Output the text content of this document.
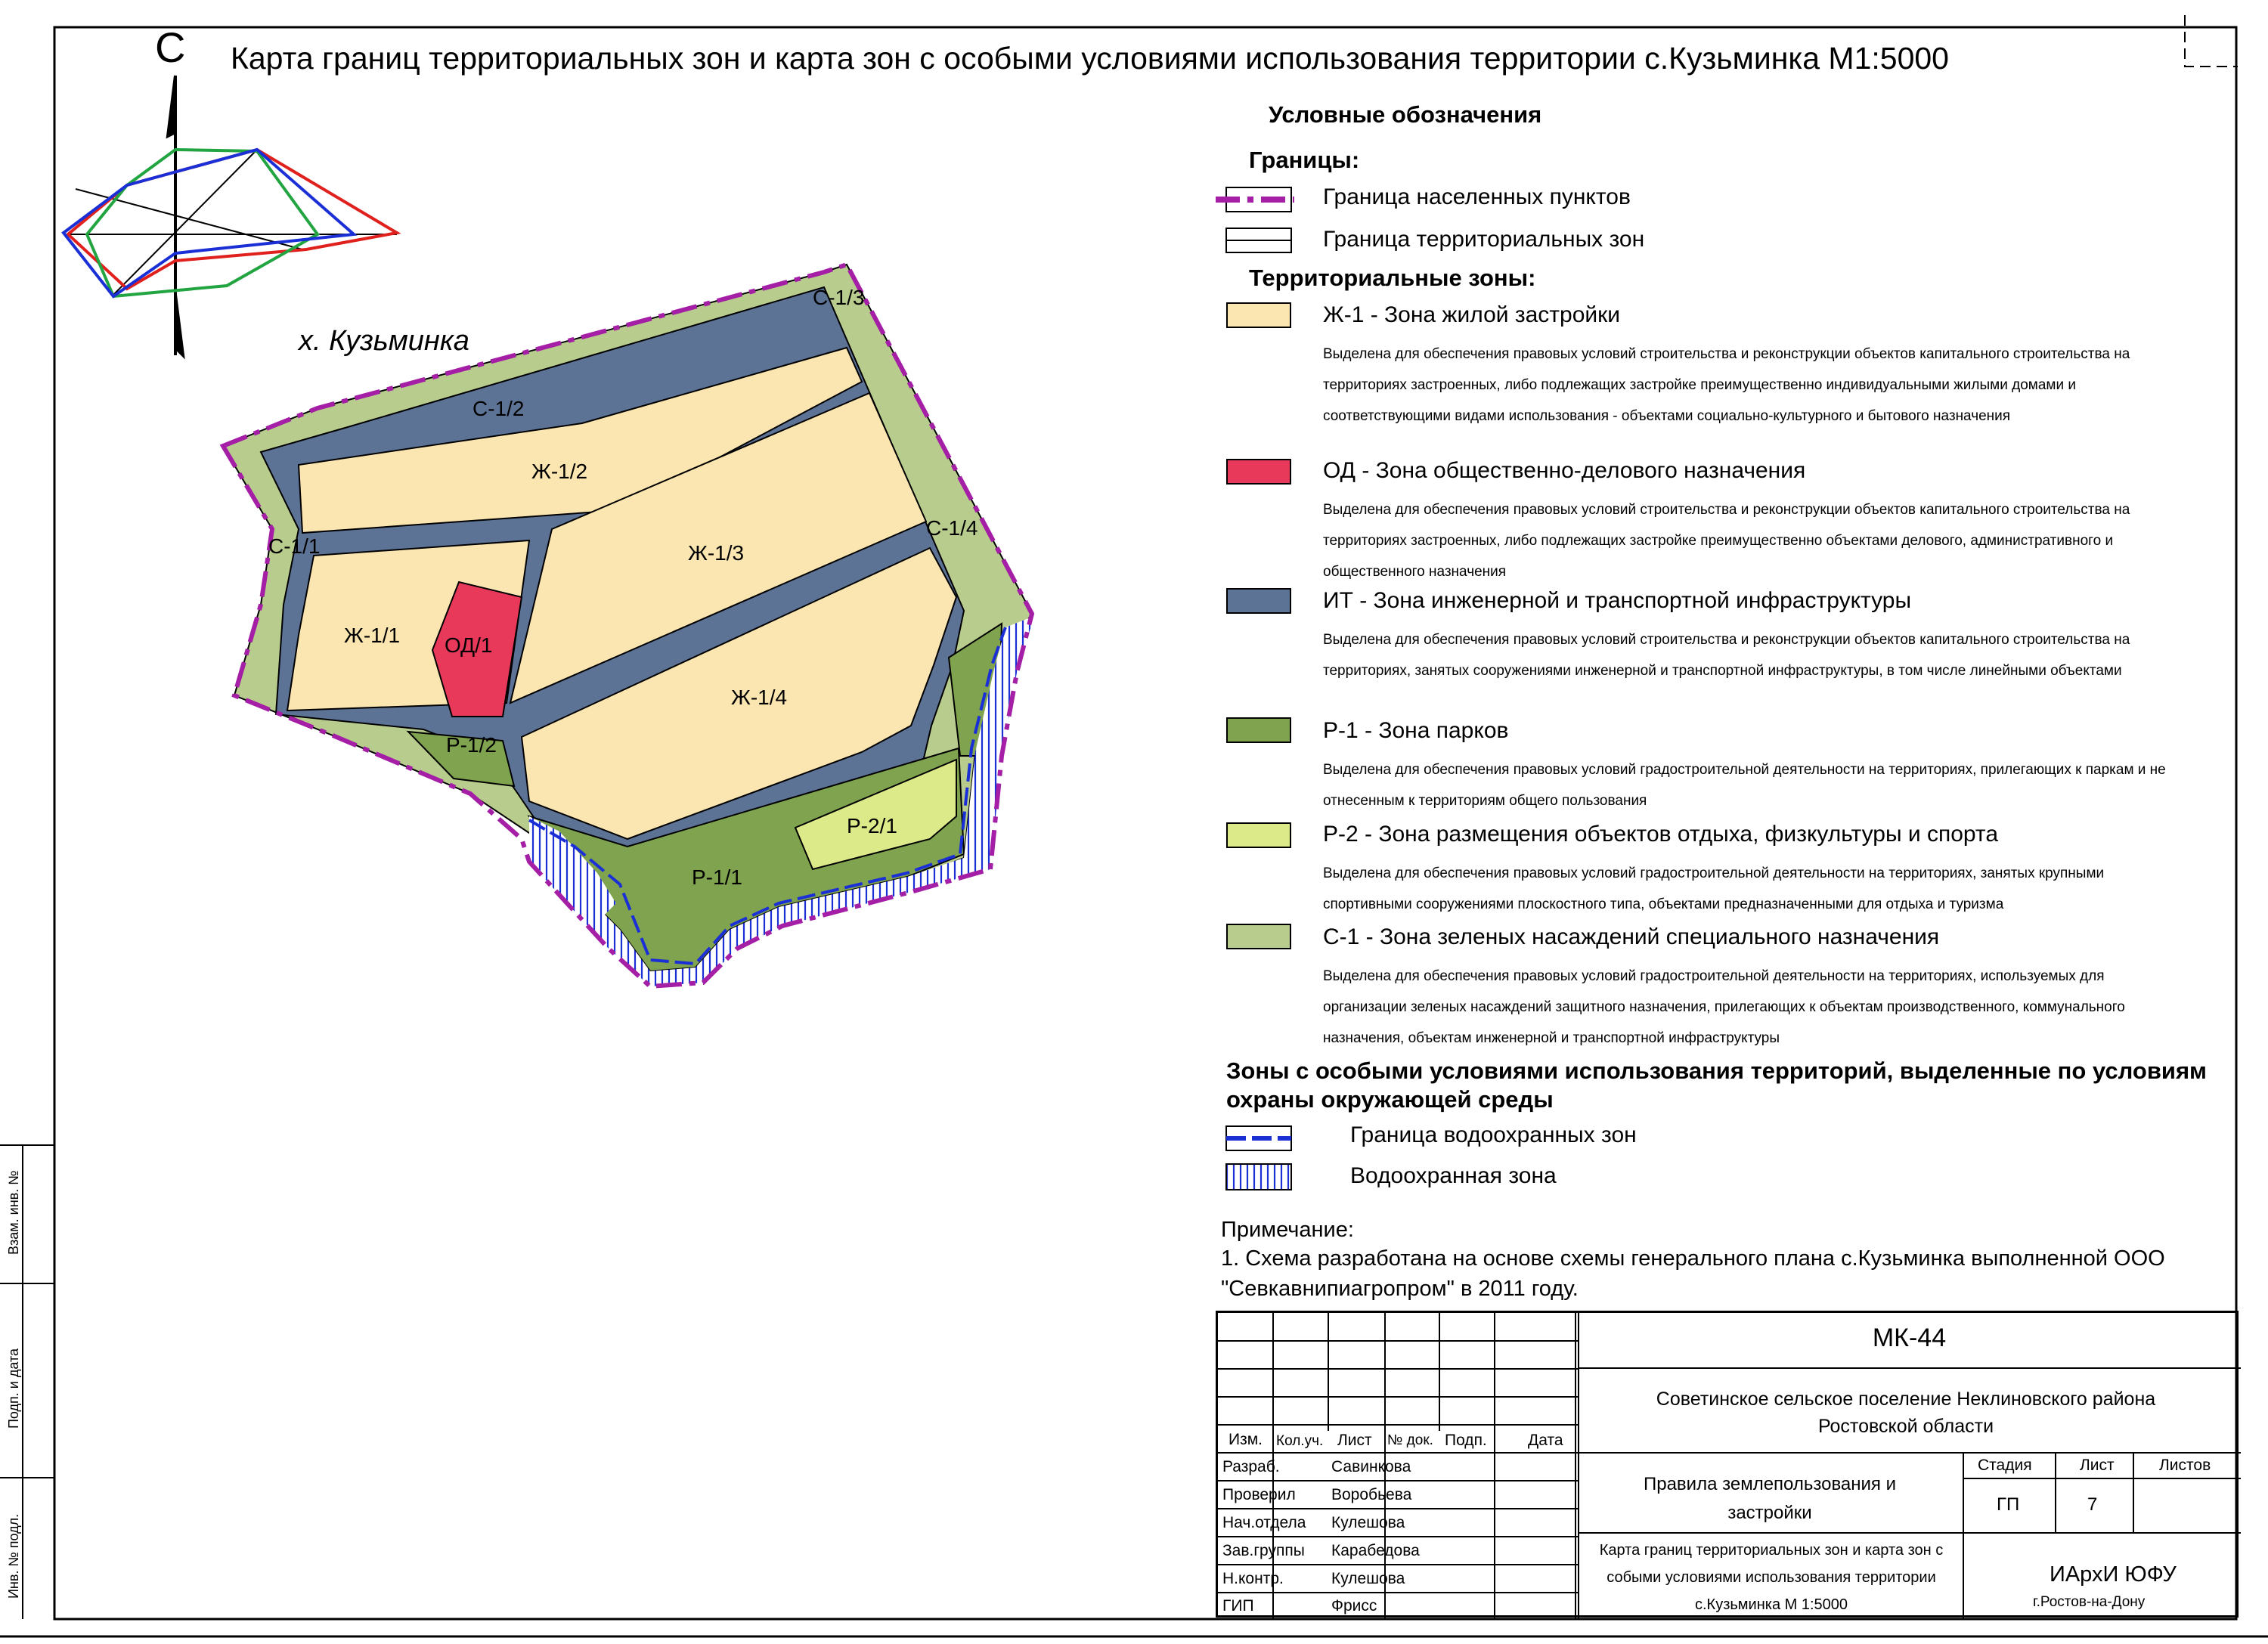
С Карта границ территориальных зон и карта зон с особыми условиями использования территории с.Кузьминка М1:5000
х. Кузьминка
С-1/3
С-1/2
Ж-1/2
С-1/1	Ж-1/3
С-1/4
Ж-1/1 ОД/1
Ж-1/4
Р-1/2
Р-2/1
Р-1/1
Условные обозначения
Границы:
Граница населенных пунктов
Граница территориальных зон
Территориальные зоны:
Ж-1 - Зона жилой застройки
Выделена для обеспечения правовых условий строительства и реконструкции объектов капитального строительства на территориях застроенных, либо подлежащих застройке преимущественно индивидуальными жилыми домами и соответствующими видами использования - объектами социально-культурного и бытового назначения
ОД - Зона общественно-делового назначения
Выделена для обеспечения правовых условий строительства и реконструкции объектов капитального строительства на территориях застроенных, либо подлежащих застройке преимущественно объектами делового, административного и общественного назначения
ИТ - Зона инженерной и транспортной инфраструктуры
Выделена для обеспечения правовых условий строительства и реконструкции объектов капитального строительства на территориях, занятых сооружениями инженерной и транспортной инфраструктуры, в том числе линейными объектами
Р-1 - Зона парков
Выделена для обеспечения правовых условий градостроительной деятельности на территориях, прилегающих к паркам и не отнесенным к территориям общего пользования
Р-2 - Зона размещения объектов отдыха, физкультуры и спорта
Выделена для обеспечения правовых условий градостроительной деятельности на территориях, занятых крупными спортивными сооружениями плоскостного типа, объектами предназначенными для отдыха и туризма
С-1 - Зона зеленых насаждений специального назначения
Выделена для обеспечения правовых условий градостроительной деятельности на территориях, используемых для организации зеленых насаждений защитного назначения, прилегающих к объектам производственного, коммунального назначения, объектам инженерной и транспортной инфраструктуры
Зоны с особыми условиями использования территорий, выделенные по условиям охраны окружающей среды
Граница водоохранных зон
Водоохранная зона
Примечание:
1. Схема разработана на основе схемы генерального плана с.Кузьминка выполненной ООО "Севкавнипиагропром" в 2011 году.
Изм. Кол.уч. Лист № док. Подп.	Дата
Разраб.	Савинкова
Проверил Воробьева
Нач.отдела Кулешова
Зав.группы Карабедова
Н.контр.	Кулешова
ГИП	Фрисс
МК-44
Советинское сельское поселение Неклиновского района Ростовской области
Правила землепользования и застройки
Карта границ территориальных зон и карта зон с собыми условиями использования территории с.Кузьминка М 1:5000
Стадия	Лист	Листов
ГП	7
ИАрхИ ЮФУ
г.Ростов-на-Дону
Взам. инв. №
Подп. и дата
Инв. № подл.
